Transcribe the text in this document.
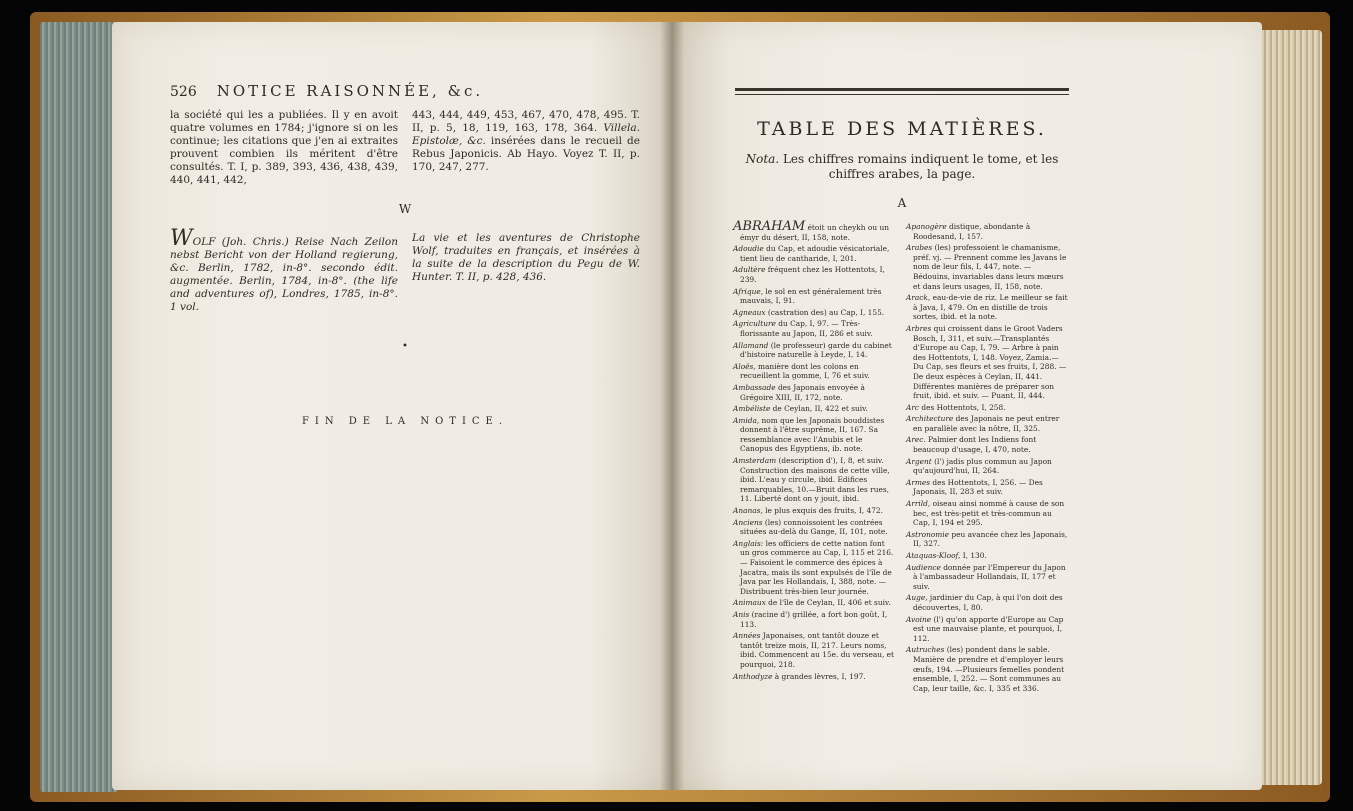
526 NOTICE RAISONNÉE, &c.
la société qui les a publiées. Il y en avoit quatre volumes en 1784; j'ignore si on les continue; les citations que j'en ai extraites prouvent combien ils méritent d'être consultés. T. I, p. 389, 393, 436, 438, 439, 440, 441, 442,
443, 444, 449, 453, 467, 470, 478, 495. T. II, p. 5, 18, 119, 163, 178, 364. Villela. Epistolæ, &c. insérées dans le recueil de Rebus Japonicis. Ab Hayo. Voyez T. II, p. 170, 247, 277.
W
WOLF (Joh. Chris.) Reise Nach Zeilon nebst Bericht von der Holland regierung, &c. Berlin, 1782, in-8°. secondo édit. augmentée. Berlin, 1784, in-8°. (the life and adventures of), Londres, 1785, in-8°. 1 vol.
La vie et les aventures de Christophe Wolf, traduites en français, et insérées à la suite de la description du Pegu de W. Hunter. T. II, p. 428, 436.
•
FIN DE LA NOTICE.
TABLE DES MATIÈRES.
Nota. Les chiffres romains indiquent le tome, et les chiffres arabes, la page.
A
ABRAHAM étoit un cheykh ou un émyr du désert, II, 158, note.
Adoudie du Cap, et adoudie vésicatoriale, tient lieu de cantharide, I, 201.
Adultère fréquent chez les Hottentots, I, 239.
Afrique, le sol en est généralement très mauvais, I, 91.
Agneaux (castration des) au Cap, I, 155.
Agriculture du Cap, I, 97. — Très-florissante au Japon, II, 286 et suiv.
Allamand (le professeur) garde du cabinet d'histoire naturelle à Leyde, I, 14.
Aloës, manière dont les colons en recueillent la gomme, I, 76 et suiv.
Ambassade des Japonais envoyée à Grégoire XIII, II, 172, note.
Ambéliste de Ceylan, II, 422 et suiv.
Amida, nom que les Japonais bouddistes donnent à l'être suprême, II, 167. Sa ressemblance avec l'Anubis et le Canopus des Egyptiens, ib. note.
Amsterdam (description d'), I, 8, et suiv. Construction des maisons de cette ville, ibid. L'eau y circule, ibid. Edifices remarquables, 10.—Bruit dans les rues, 11. Liberté dont on y jouit, ibid.
Ananas, le plus exquis des fruits, I, 472.
Anciens (les) connoissoient les contrées situées au-delà du Gange, II, 101, note.
Anglais: les officiers de cette nation font un gros commerce au Cap, I, 115 et 216.— Faisoient le commerce des épices à Jacatra, mais ils sont expulsés de l'île de Java par les Hollandais, I, 388, note. — Distribuent très-bien leur journée.
Animaux de l'île de Ceylan, II, 406 et suiv.
Anis (racine d') grillée, a fort bon goût, I, 113.
Années Japonaises, ont tantôt douze et tantôt treize mois, II, 217. Leurs noms, ibid. Commencent au 15e. du verseau, et pourquoi, 218.
Anthodyze à grandes lèvres, I, 197.
Apanogère distique, abondante à Roodesand, I, 157.
Arabes (les) professoient le chamanisme, préf. vj. — Prennent comme les Javans le nom de leur fils, I, 447, note. — Bédouins, invariables dans leurs mœurs et dans leurs usages, II, 158, note.
Arack, eau-de-vie de riz. Le meilleur se fait à Java, I, 479. On en distille de trois sortes, ibid. et la note.
Arbres qui croissent dans le Groot Vaders Bosch, I, 311, et suiv.—Transplantés d'Europe au Cap, I, 79. — Arbre à pain des Hottentots, I, 148. Voyez, Zamia.—Du Cap, ses fleurs et ses fruits, I, 288. — De deux espèces à Ceylan, II, 441. Différentes manières de préparer son fruit, ibid. et suiv. — Puant, II, 444.
Arc des Hottentots, I, 258.
Architecture des Japonais ne peut entrer en parallèle avec la nôtre, II, 325.
Arec. Palmier dont les Indiens font beaucoup d'usage, I, 470, note.
Argent (l') jadis plus commun au Japon qu'aujourd'hui, II, 264.
Armes des Hottentots, I, 256. — Des Japonais, II, 283 et suiv.
Arrild, oiseau ainsi nommé à cause de son bec, est très-petit et très-commun au Cap, I, 194 et 295.
Astronomie peu avancée chez les Japonais, II, 327.
Ataquas-Kloof, I, 130.
Audience donnée par l'Empereur du Japon à l'ambassadeur Hollandais, II, 177 et suiv.
Auge, jardinier du Cap, à qui l'on doit des découvertes, I, 80.
Avoine (l') qu'on apporte d'Europe au Cap est une mauvaise plante, et pourquoi, I, 112.
Autruches (les) pondent dans le sable. Manière de prendre et d'employer leurs œufs, 194. —Plusieurs femelles pondent ensemble, I, 252. — Sont communes au Cap, leur taille, &c. I, 335 et 336.
